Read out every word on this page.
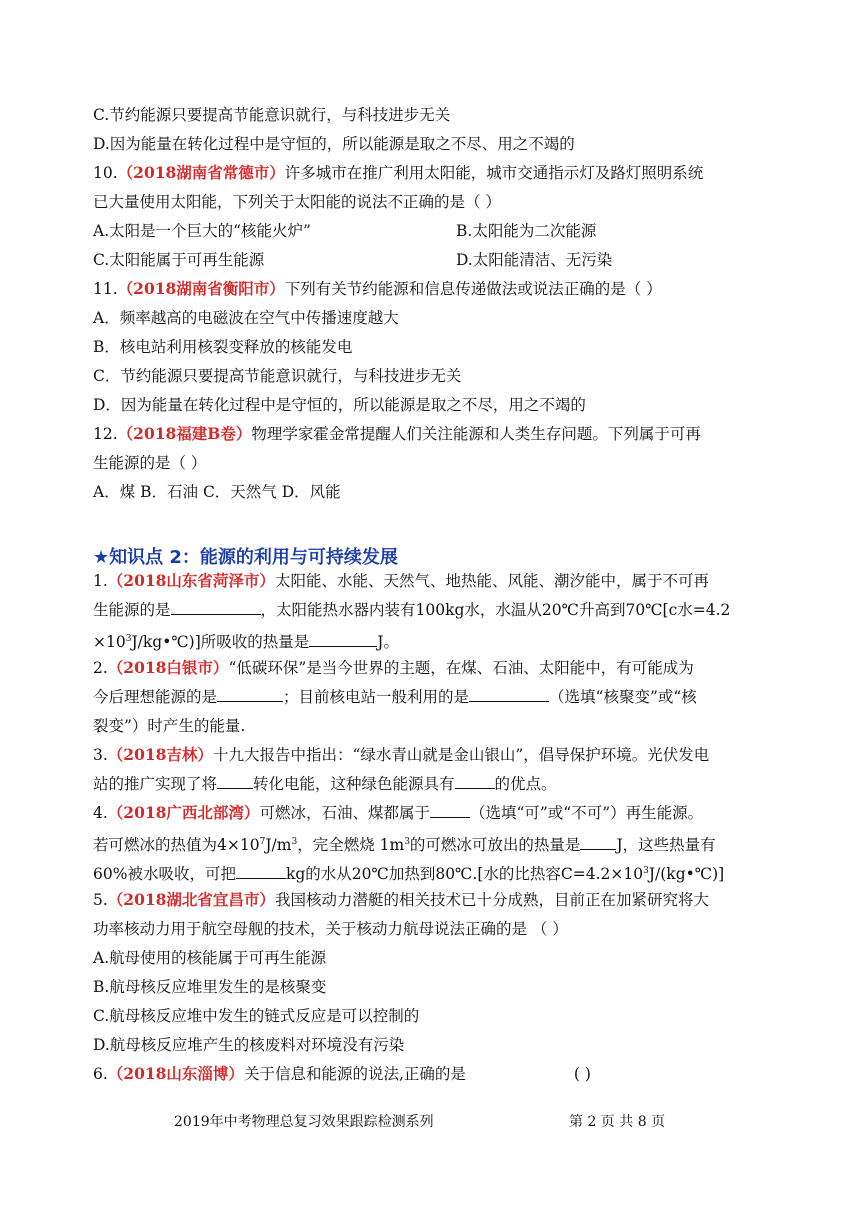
C.节约能源只要提高节能意识就行，与科技进步无关
D.因为能量在转化过程中是守恒的，所以能源是取之不尽、用之不竭的
10.（2018湖南省常德市）许多城市在推广利用太阳能，城市交通指示灯及路灯照明系统
已大量使用太阳能，下列关于太阳能的说法不正确的是（ ）
A.太阳是一个巨大的“核能火炉”	B.太阳能为二次能源
C.太阳能属于可再生能源	D.太阳能清洁、无污染
11.（2018湖南省衡阳市）下列有关节约能源和信息传递做法或说法正确的是（ ）
A．频率越高的电磁波在空气中传播速度越大
B．核电站利用核裂变释放的核能发电
C．节约能源只要提高节能意识就行，与科技进步无关
D．因为能量在转化过程中是守恒的，所以能源是取之不尽，用之不竭的
12.（2018福建B卷）物理学家霍金常提醒人们关注能源和人类生存问题。下列属于可再
生能源的是（ ）
A．煤 B．石油 C．天然气 D．风能
★知识点 2：能源的利用与可持续发展
1.（2018山东省菏泽市）太阳能、水能、天然气、地热能、风能、潮汐能中，属于不可再
生能源的是	，太阳能热水器内装有100kg水，水温从20℃升高到70℃[c水=4.2
$\times 10^3J/kg•℃$)]所吸收的热量是	J。
2.（2018白银市）“低碳环保”是当今世界的主题，在煤、石油、太阳能中，有可能成为
今后理想能源的是	；目前核电站一般利用的是	（选填“核聚变”或“核
裂变”）时产生的能量.
3.（2018吉林）十九大报告中指出：“绿水青山就是金山银山”，倡导保护环境。光伏发电
站的推广实现了将 转化电能，这种绿色能源具有	的优点。
4.（2018广西北部湾）可燃冰，石油、煤都属于	（选填“可”或“不可”）再生能源。
若可燃冰的热值为$4\times 10^7J/m^3$，完全燃烧 $1m^3$的可燃冰可放出的热量是 J，这些热量有
60%被水吸收，可把	kg的水从20℃加热到80℃.[水的比热容$C=4.2\times 10^3J/(kg•℃)$]
5.（2018湖北省宜昌市）我国核动力潜艇的相关技术已十分成熟，目前正在加紧研究将大
功率核动力用于航空母舰的技术，关于核动力航母说法正确的是 （ ）
A.航母使用的核能属于可再生能源
B.航母核反应堆里发生的是核聚变
C.航母核反应堆中发生的链式反应是可以控制的
D.航母核反应堆产生的核废料对环境没有污染
6.（2018山东淄博）关于信息和能源的说法,正确的是	( )
2019年中考物理总复习效果跟踪检测系列	第 2 页 共 8 页
